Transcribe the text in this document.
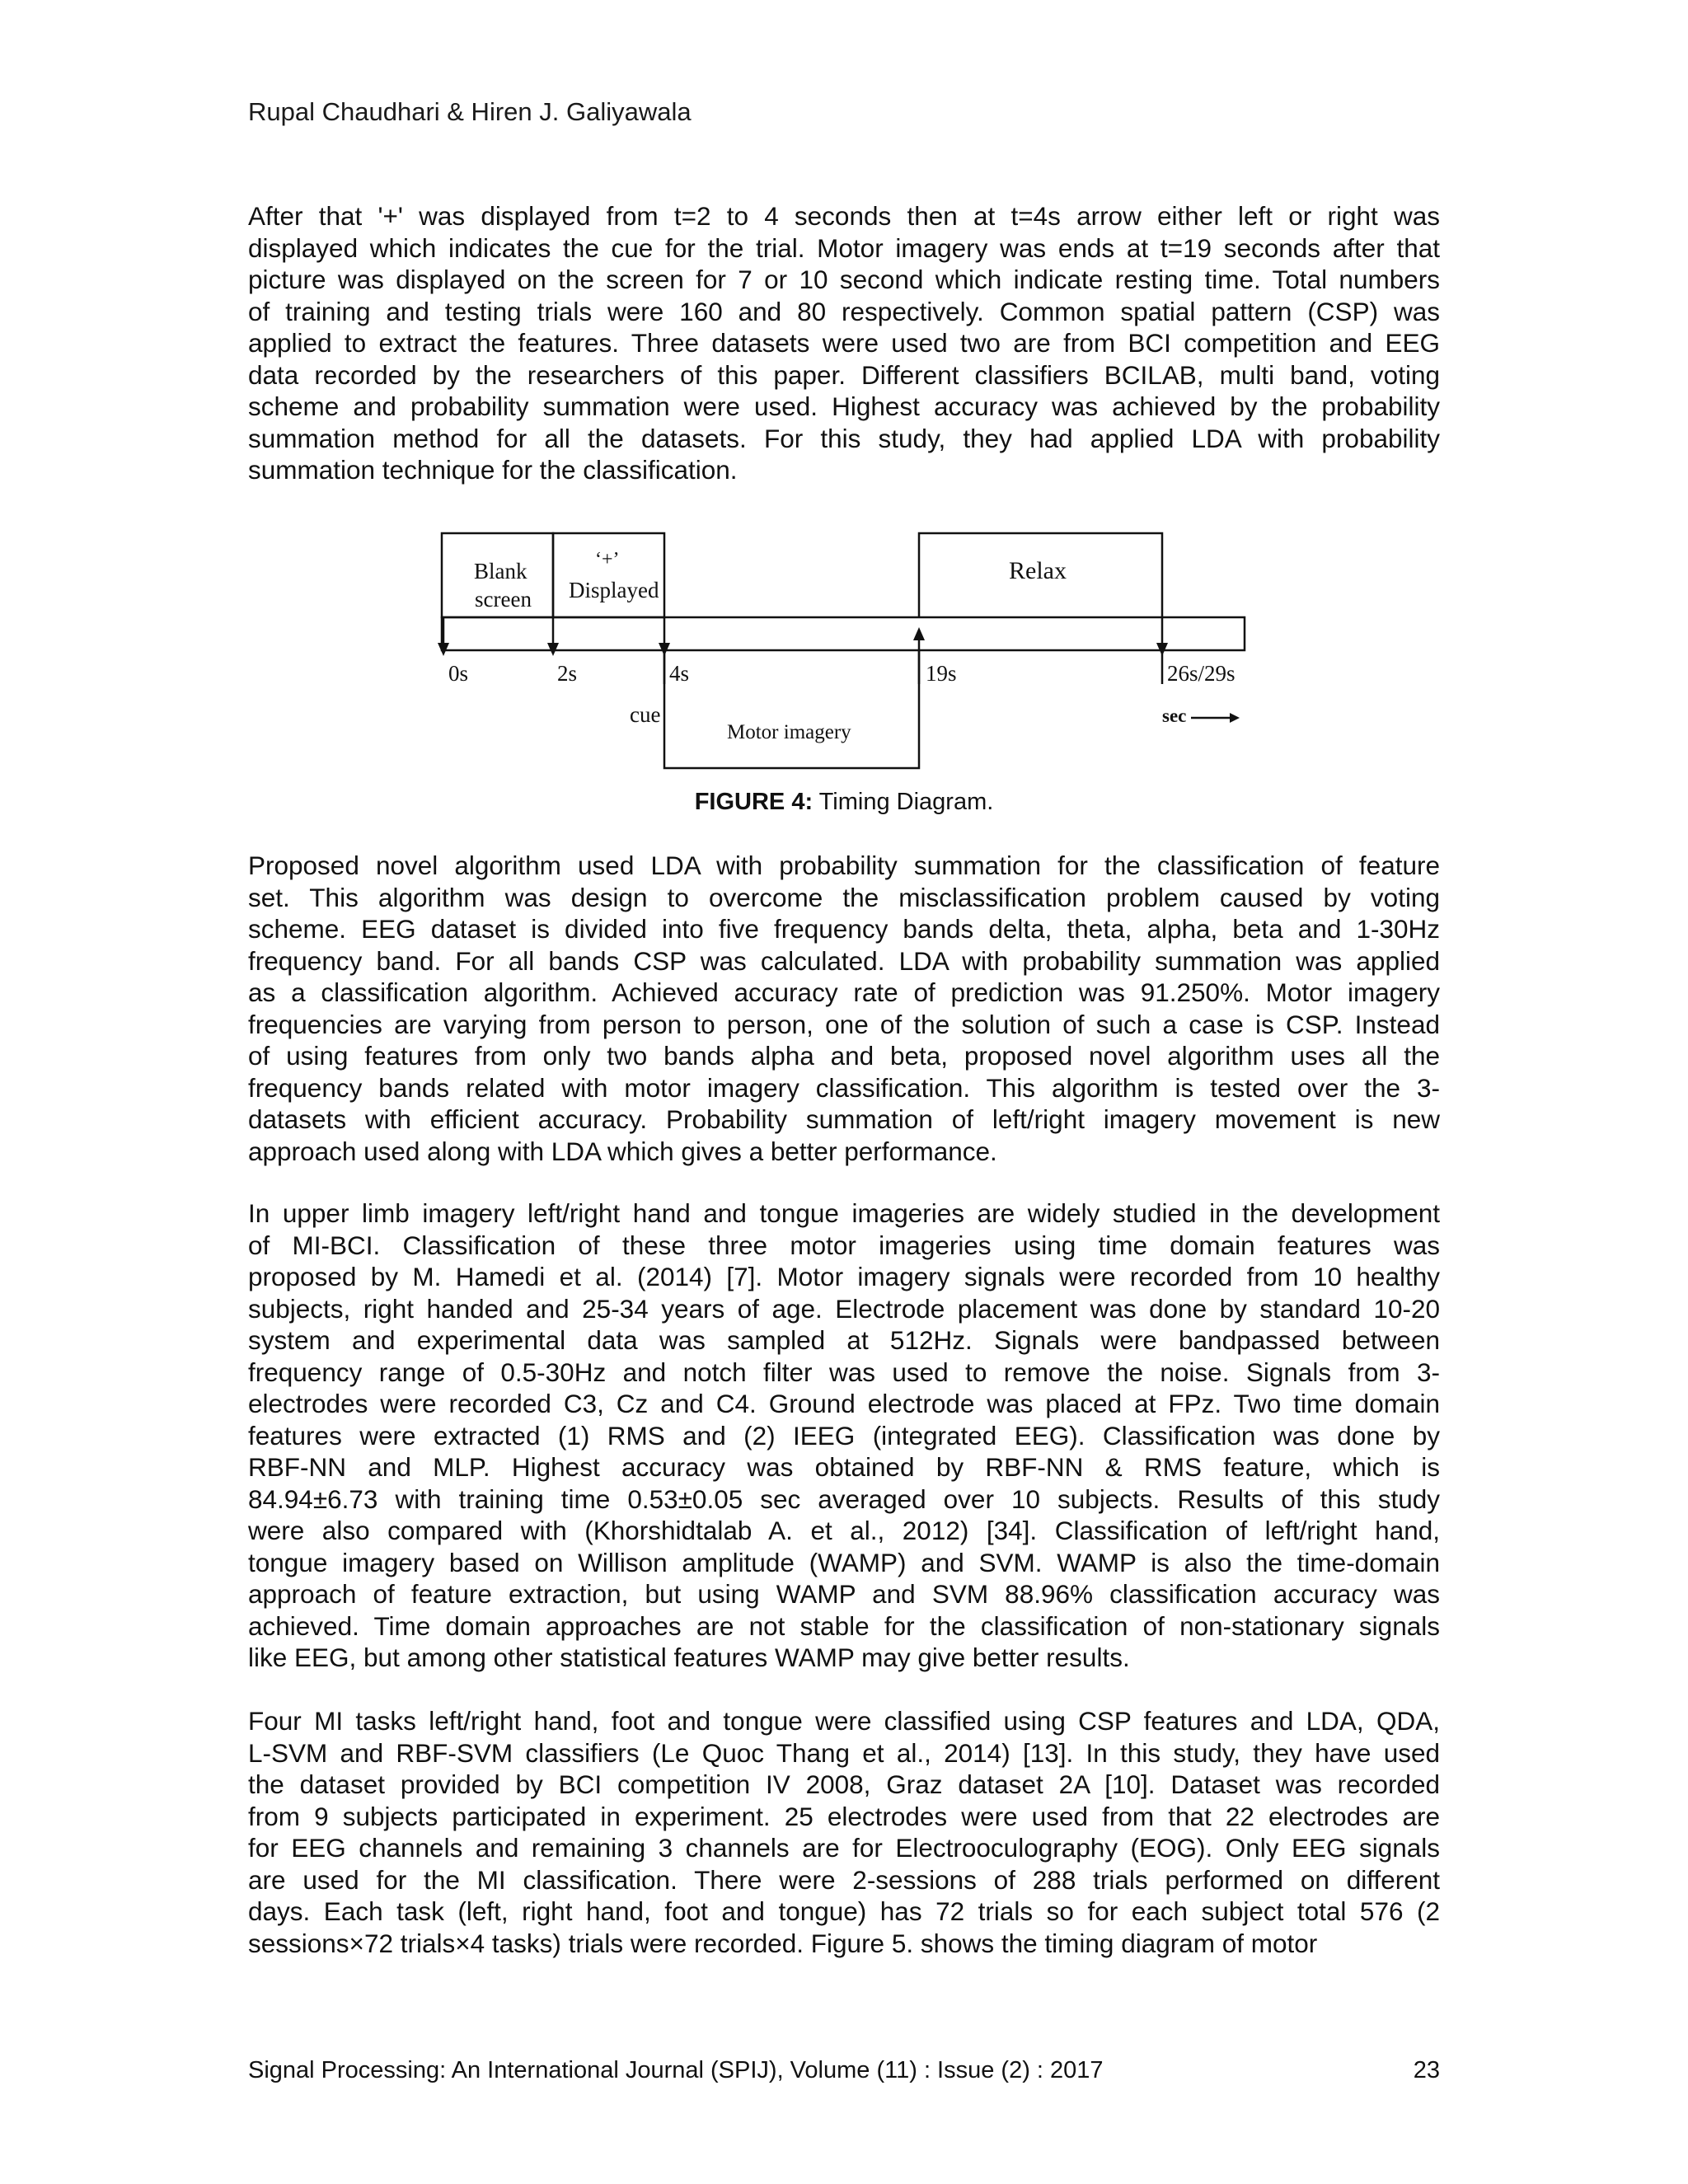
Rupal Chaudhari & Hiren J. Galiyawala
After that '+' was displayed from t=2 to 4 seconds then at t=4s arrow either left or right was
displayed which indicates the cue for the trial. Motor imagery was ends at t=19 seconds after that
picture was displayed on the screen for 7 or 10 second which indicate resting time. Total numbers
of training and testing trials were 160 and 80 respectively. Common spatial pattern (CSP) was
applied to extract the features. Three datasets were used two are from BCI competition and EEG
data recorded by the researchers of this paper. Different classifiers BCILAB, multi band, voting
scheme and probability summation were used. Highest accuracy was achieved by the probability
summation method for all the datasets. For this study, they had applied LDA with probability
summation technique for the classification.
Blank
screen
‘+’
Displayed
Relax
0s	2s	4s	19s	26s/29s
cue
Motor imagery
sec
FIGURE 4: Timing Diagram.
Proposed novel algorithm used LDA with probability summation for the classification of feature
set. This algorithm was design to overcome the misclassification problem caused by voting
scheme. EEG dataset is divided into five frequency bands delta, theta, alpha, beta and 1-30Hz
frequency band. For all bands CSP was calculated. LDA with probability summation was applied
as a classification algorithm. Achieved accuracy rate of prediction was 91.250%. Motor imagery
frequencies are varying from person to person, one of the solution of such a case is CSP. Instead
of using features from only two bands alpha and beta, proposed novel algorithm uses all the
frequency bands related with motor imagery classification. This algorithm is tested over the 3-
datasets with efficient accuracy. Probability summation of left/right imagery movement is new
approach used along with LDA which gives a better performance.
In upper limb imagery left/right hand and tongue imageries are widely studied in the development
of MI-BCI. Classification of these three motor imageries using time domain features was
proposed by M. Hamedi et al. (2014) [7]. Motor imagery signals were recorded from 10 healthy
subjects, right handed and 25-34 years of age. Electrode placement was done by standard 10-20
system and experimental data was sampled at 512Hz. Signals were bandpassed between
frequency range of 0.5-30Hz and notch filter was used to remove the noise. Signals from 3-
electrodes were recorded C3, Cz and C4. Ground electrode was placed at FPz. Two time domain
features were extracted (1) RMS and (2) IEEG (integrated EEG). Classification was done by
RBF-NN and MLP. Highest accuracy was obtained by RBF-NN & RMS feature, which is
84.94±6.73 with training time 0.53±0.05 sec averaged over 10 subjects. Results of this study
were also compared with (Khorshidtalab A. et al., 2012) [34]. Classification of left/right hand,
tongue imagery based on Willison amplitude (WAMP) and SVM. WAMP is also the time-domain
approach of feature extraction, but using WAMP and SVM 88.96% classification accuracy was
achieved. Time domain approaches are not stable for the classification of non-stationary signals
like EEG, but among other statistical features WAMP may give better results.
Four MI tasks left/right hand, foot and tongue were classified using CSP features and LDA, QDA,
L-SVM and RBF-SVM classifiers (Le Quoc Thang et al., 2014) [13]. In this study, they have used
the dataset provided by BCI competition IV 2008, Graz dataset 2A [10]. Dataset was recorded
from 9 subjects participated in experiment. 25 electrodes were used from that 22 electrodes are
for EEG channels and remaining 3 channels are for Electrooculography (EOG). Only EEG signals
are used for the MI classification. There were 2-sessions of 288 trials performed on different
days. Each task (left, right hand, foot and tongue) has 72 trials so for each subject total 576 (2
sessions×72 trials×4 tasks) trials were recorded. Figure 5. shows the timing diagram of motor
Signal Processing: An International Journal (SPIJ), Volume (11) : Issue (2) : 2017	23
